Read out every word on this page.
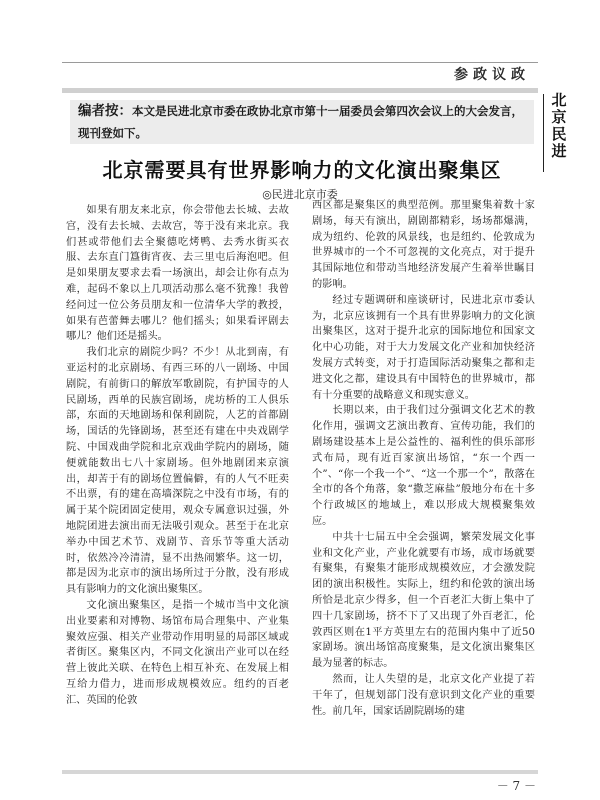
参政议政
北
京
民
进
编者按：本文是民进北京市委在政协北京市第十一届委员会第四次会议上的大会发言，现刊登如下。
北京需要具有世界影响力的文化演出聚集区
◎民进北京市委

如果有朋友来北京，你会带他去长城、去故宫，没有去长城、去故宫，等于没有来北京。我们甚或带他们去全聚德吃烤鸭、去秀水街买衣服、去东直门簋街宵夜、去三里屯后海泡吧。但是如果朋友要求去看一场演出，却会让你有点为难，起码不象以上几项活动那么毫不犹豫！我曾经问过一位公务员朋友和一位清华大学的教授，如果有芭蕾舞去哪儿？他们摇头；如果看评剧去哪儿？他们还是摇头。

我们北京的剧院少吗？不少！从北到南，有亚运村的北京剧场、有西三环的八一剧场、中国剧院，有前街口的解放军歌剧院，有护国寺的人民剧场，西单的民族宫剧场，虎坊桥的工人俱乐部，东面的天地剧场和保利剧院，人艺的首都剧场，国话的先锋剧场，甚至还有建在中央戏剧学院、中国戏曲学院和北京戏曲学院内的剧场，随便就能数出七八十家剧场。但外地剧团来京演出，却苦于有的剧场位置偏僻，有的人气不旺卖不出票，有的建在高墙深院之中没有市场，有的属于某个院团固定使用，观众专属意识过强，外地院团进去演出而无法吸引观众。甚至于在北京举办中国艺术节、戏剧节、音乐节等重大活动时，依然冷冷清清，显不出热闹繁华。这一切，都是因为北京市的演出场所过于分散，没有形成具有影响力的文化演出聚集区。

文化演出聚集区，是指一个城市当中文化演出业要素和对博物、场馆布局合理集中、产业集聚效应强、相关产业带动作用明显的局部区域或者街区。聚集区内，不同文化演出产业可以在经营上彼此关联、在特色上相互补充、在发展上相互给力借力，进而形成规模效应。纽约的百老汇、英国的伦敦

西区都是聚集区的典型范例。那里聚集着数十家剧场，每天有演出，剧剧都精彩，场场都爆满，成为纽约、伦敦的风景线，也是纽约、伦敦成为世界城市的一个不可忽视的文化亮点，对于提升其国际地位和带动当地经济发展产生着举世瞩目的影响。

经过专题调研和座谈研讨，民进北京市委认为，北京应该拥有一个具有世界影响力的文化演出聚集区，这对于提升北京的国际地位和国家文化中心功能，对于大力发展文化产业和加快经济发展方式转变，对于打造国际活动聚集之都和走进文化之都，建设具有中国特色的世界城市，都有十分重要的战略意义和现实意义。

长期以来，由于我们过分强调文化艺术的教化作用，强调文艺演出教育、宣传功能，我们的剧场建设基本上是公益性的、福利性的俱乐部形式布局，现有近百家演出场馆，“东一个西一个”、“你一个我一个”、“这一个那一个”，散落在全市的各个角落，象“撒芝麻盐”般地分布在十多个行政城区的地域上，难以形成大规模聚集效应。

中共十七届五中全会强调，繁荣发展文化事业和文化产业，产业化就要有市场，成市场就要有聚集，有聚集才能形成规模效应，才会激发院团的演出积极性。实际上，纽约和伦敦的演出场所恰是北京少得多，但一个百老汇大街上集中了四十几家剧场，挤不下了又出现了外百老汇，伦敦西区则在1平方英里左右的范围内集中了近50家剧场。演出场馆高度聚集，是文化演出聚集区最为显著的标志。

然而，让人失望的是，北京文化产业提了若干年了，但规划部门没有意识到文化产业的重要性。前几年，国家话剧院剧场的建

－ 7 －
